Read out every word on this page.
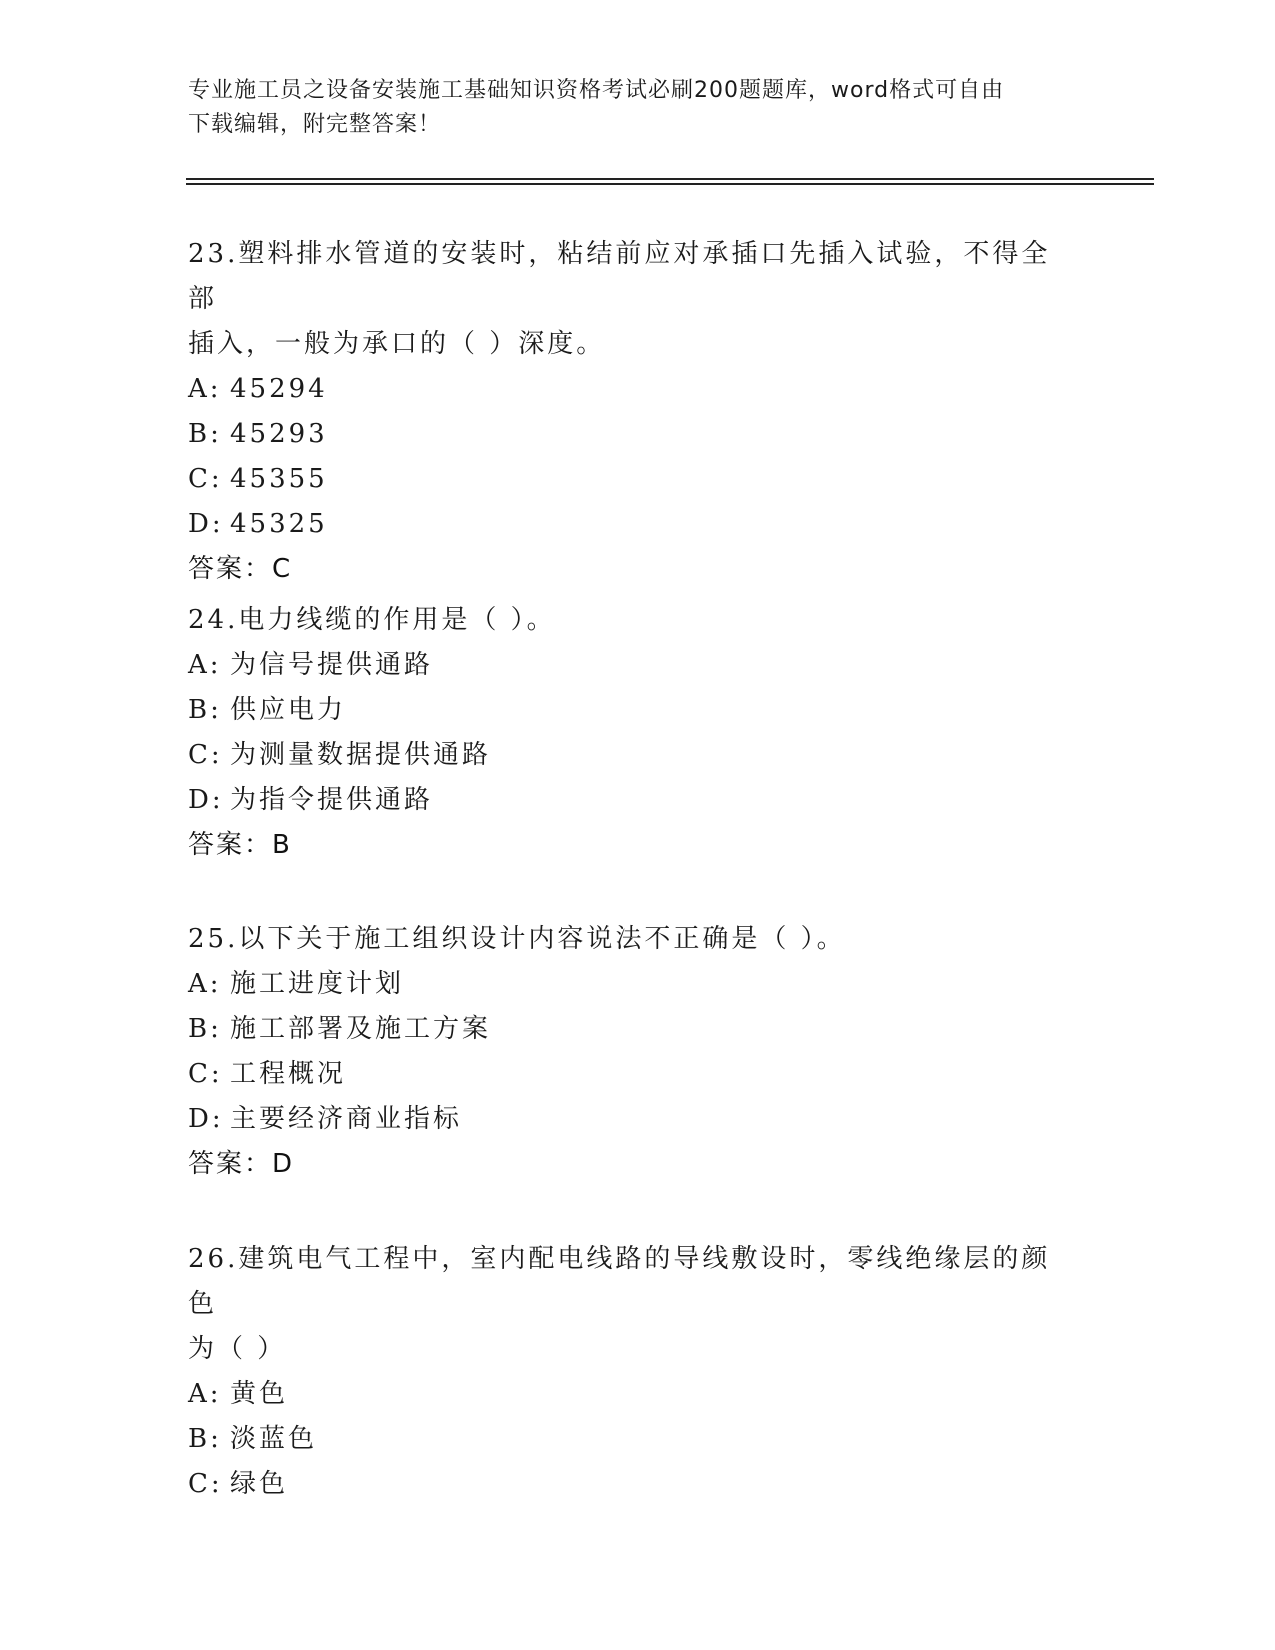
专业施工员之设备安装施工基础知识资格考试必刷200题题库，word格式可自由
下载编辑，附完整答案！

23.塑料排水管道的安装时，粘结前应对承插口先插入试验，不得全部

插入，一般为承口的（ ）深度。

A: 45294

B: 45293

C: 45355

D: 45325

答案：C

24.电力线缆的作用是（ ）。

A: 为信号提供通路

B: 供应电力

C: 为测量数据提供通路

D: 为指令提供通路

答案：B

25.以下关于施工组织设计内容说法不正确是（ ）。

A: 施工进度计划

B: 施工部署及施工方案

C: 工程概况

D: 主要经济商业指标

答案：D

26.建筑电气工程中，室内配电线路的导线敷设时，零线绝缘层的颜色

为（ ）

A: 黄色

B: 淡蓝色

C: 绿色
